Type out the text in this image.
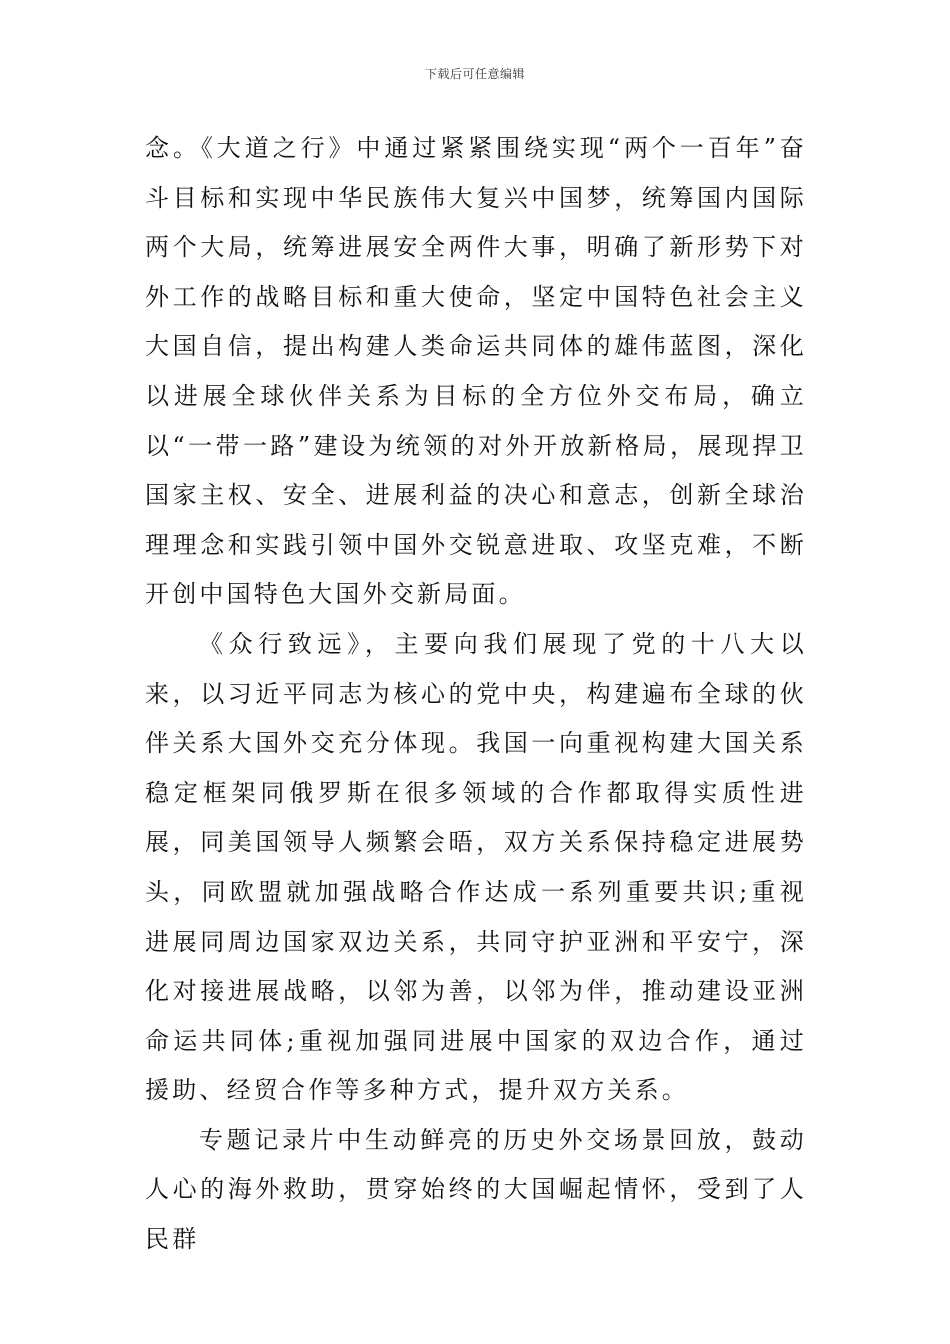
下载后可任意编辑

念。《大道之行》中通过紧紧围绕实现“两个一百年”奋斗目标和实现中华民族伟大复兴中国梦，统筹国内国际两个大局，统筹进展安全两件大事，明确了新形势下对外工作的战略目标和重大使命，坚定中国特色社会主义大国自信，提出构建人类命运共同体的雄伟蓝图，深化以进展全球伙伴关系为目标的全方位外交布局，确立以“一带一路”建设为统领的对外开放新格局，展现捍卫国家主权、安全、进展利益的决心和意志，创新全球治理理念和实践引领中国外交锐意进取、攻坚克难，不断开创中国特色大国外交新局面。

《众行致远》，主要向我们展现了党的十八大以来，以习近平同志为核心的党中央，构建遍布全球的伙伴关系大国外交充分体现。我国一向重视构建大国关系稳定框架同俄罗斯在很多领域的合作都取得实质性进展，同美国领导人频繁会晤，双方关系保持稳定进展势头，同欧盟就加强战略合作达成一系列重要共识;重视进展同周边国家双边关系，共同守护亚洲和平安宁，深化对接进展战略，以邻为善，以邻为伴，推动建设亚洲命运共同体;重视加强同进展中国家的双边合作，通过援助、经贸合作等多种方式，提升双方关系。

专题记录片中生动鲜亮的历史外交场景回放，鼓动人心的海外救助，贯穿始终的大国崛起情怀，受到了人民群
